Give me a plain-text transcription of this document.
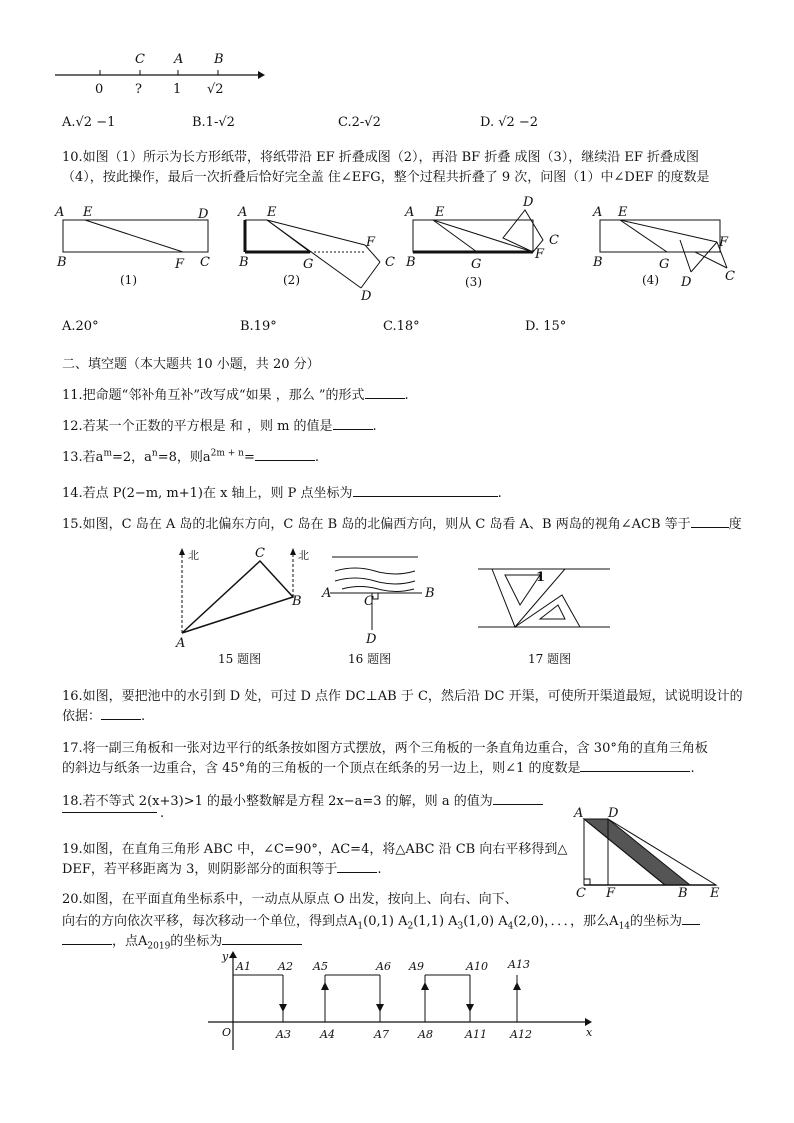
C A B
0 ? 1 √2
A.√2 −1	B.1-√2	C.2-√2	D. √2 −2
10.如图（1）所示为长方形纸带，将纸带沿 EF 折叠成图（2），再沿 BF 折叠 成图（3），继续沿 EF 折叠成图
（4），按此操作，最后一次折叠后恰好完全盖 住∠EFG，整个过程共折叠了 9 次，问图（1）中∠DEF 的度数是
A E	D
B	F C
(1)
A E
F
B	G	C
D
(2)
A E
D
C
B	G
F
(3)
A E
F
B	G
D	C
(4)
A.20°	B.19°	C.18°	D. 15°
二、填空题（本大题共 10 小题，共 20 分）
11.把命题“邻补角互补”改写成“如果 ，那么 ”的形式	.
12.若某一个正数的平方根是 和 ，则 m 的值是	.
13.若$a^m=2$，$a^n=8$，则$a^{2m + n}=$	.
14.若点 P(2−m, m+1)在 x 轴上，则 P 点坐标为	.
15.如图，C 岛在 A 岛的北偏东方向，C 岛在 B 岛的北偏西方向，则从 C 岛看 A、B 两岛的视角∠ACB 等于	度
北	北
C
B
A
15 题图
A	B
C
D
16 题图
1
17 题图
16.如图，要把池中的水引到 D 处，可过 D 点作 DC⊥AB 于 C，然后沿 DC 开渠，可使所开渠道最短，试说明设计的
依据：	.
17.将一副三角板和一张对边平行的纸条按如图方式摆放，两个三角板的一条直角边重合，含 30°角的直角三角板
的斜边与纸条一边重合，含 45°角的三角板的一个顶点在纸条的另一边上，则∠1 的度数是	.
18.若不等式 2(x+3)>1 的最小整数解是方程 2x−a=3 的解，则 a 的值为
.
19.如图，在直角三角形 ABC 中，∠C=90°，AC=4，将△ABC 沿 CB 向右平移得到△
DEF，若平移距离为 3，则阴影部分的面积等于	.
A D
C F	B E
20.如图，在平面直角坐标系中，一动点从原点 O 出发，按向上、向右、向下、
向右的方向依次平移，每次移动一个单位，得到点$A_1(0,1)$ $A_2(1,1)$ $A_3(1,0)$ $A_4(2,0)$，．．．，那么$A_{14}$的坐标为
，点$A_{2019}$的坐标为
y
x
O
A1 A2 A5	A6 A9	A10 A13
A3	A4	A7	A8	A11 A12
